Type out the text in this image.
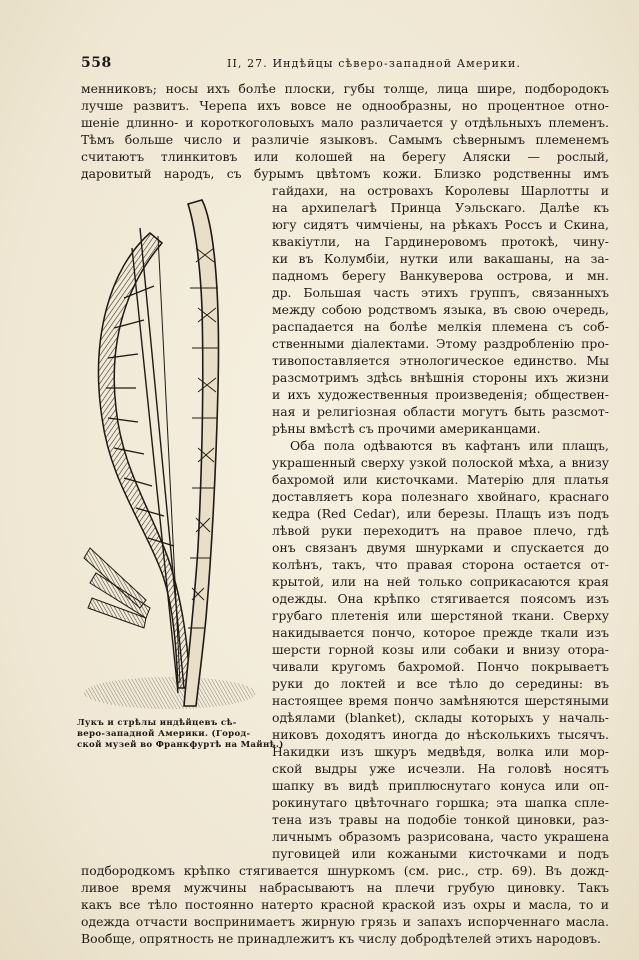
558	II, 27. Индѣйцы сѣверо-западной Америки.
менниковъ; носы ихъ болѣе плоски, губы толще, лица шире, подбородокъ
лучше развитъ. Черепа ихъ вовсе не однообразны, но процентное отно-
шеніе длинно- и короткоголовыхъ мало различается у отдѣльныхъ племенъ.
Тѣмъ больше число и различіе языковъ. Самымъ сѣвернымъ племенемъ
считаютъ тлинкитовъ или колошей на берегу Аляски — рослый,
даровитый народъ, съ бурымъ цвѣтомъ кожи. Близко родственны имъ
гайдахи, на островахъ Королевы Шарлотты и
на архипелагѣ Принца Уэльскаго. Далѣе къ
югу сидятъ чимчіены, на рѣкахъ Россъ и Скина,
квакіутли, на Гардинеровомъ протокѣ, чину-
ки въ Колумбіи, нутки или вакашаны, на за-
падномъ берегу Ванкуверова острова, и мн.
др. Большая часть этихъ группъ, связанныхъ
между собою родствомъ языка, въ свою очередь,
распадается на болѣе мелкія племена съ соб-
ственными діалектами. Этому раздробленію про-
тивопоставляется этнологическое единство. Мы
разсмотримъ здѣсь внѣшнія стороны ихъ жизни
и ихъ художественныя произведенія; обществен-
ная и религіозная области могутъ быть разсмот-
рѣны вмѣстѣ съ прочими американцами.
Оба пола одѣваются въ кафтанъ или плащъ,
украшенный сверху узкой полоской мѣха, а внизу
бахромой или кисточками. Матерію для платья
доставляетъ кора полезнаго хвойнаго, краснаго
кедра (Red Cedar), или березы. Плащъ изъ подъ
лѣвой руки переходитъ на правое плечо, гдѣ
онъ связанъ двумя шнурками и спускается до
колѣнъ, такъ, что правая сторона остается от-
крытой, или на ней только соприкасаются края
одежды. Она крѣпко стягивается поясомъ изъ
грубаго плетенія или шерстяной ткани. Сверху
накидывается пончо, которое прежде ткали изъ
шерсти горной козы или собаки и внизу отора-
чивали кругомъ бахромой. Пончо покрываетъ
руки до локтей и все тѣло до середины: въ
настоящее время пончо замѣняются шерстяными
одѣялами (blanket), склады которыхъ у началь-
никовъ доходятъ иногда до нѣсколькихъ тысячъ.
Накидки изъ шкуръ медвѣдя, волка или мор-
ской выдры уже исчезли. На головѣ носятъ
шапку въ видѣ приплюснутаго конуса или оп-
рокинутаго цвѣточнаго горшка; эта шапка спле-
тена изъ травы на подобіе тонкой циновки, раз-
личнымъ образомъ разрисована, часто украшена
пуговицей или кожаными кисточками и подъ
подбородкомъ крѣпко стягивается шнуркомъ (см. рис., стр. 69). Въ дожд-
ливое время мужчины набрасываютъ на плечи грубую циновку. Такъ
какъ все тѣло постоянно натерто красной краской изъ охры и масла, то и
одежда отчасти воспринимаетъ жирную грязь и запахъ испорченнаго масла.
Вообще, опрятность не принадлежитъ къ числу добродѣтелей этихъ народовъ.
Лукъ и стрѣлы индѣйцевъ сѣ-
веро-западной Америки. (Город-
ской музей во Франкфуртѣ на Майнѣ.)
